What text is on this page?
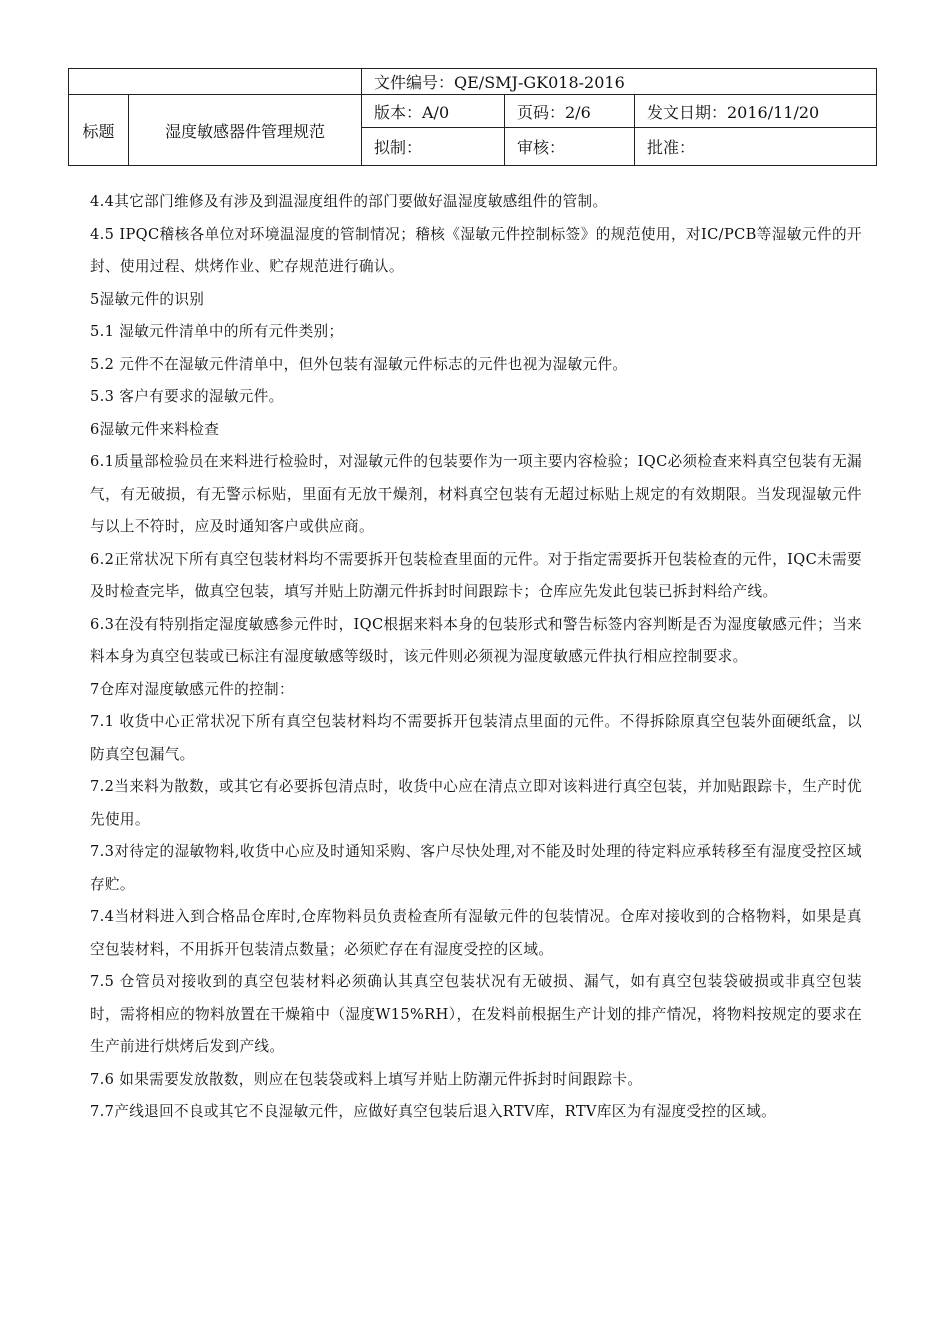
		文件编号：QE/SMJ-GK018-2016		
标题	湿度敏感器件管理规范	版本：A/0	页码：2/6	发文日期：2016/11/20
		拟制：	审核：	批准：

4.4其它部门维修及有涉及到温湿度组件的部门要做好温湿度敏感组件的管制。

4.5 IPQC稽核各单位对环境温湿度的管制情况；稽核《湿敏元件控制标签》的规范使用，对IC/PCB等湿敏元件的开封、使用过程、烘烤作业、贮存规范进行确认。

5湿敏元件的识别

5.1 湿敏元件清单中的所有元件类别；

5.2 元件不在湿敏元件清单中，但外包装有湿敏元件标志的元件也视为湿敏元件。

5.3 客户有要求的湿敏元件。

6湿敏元件来料检查

6.1质量部检验员在来料进行检验时，对湿敏元件的包装要作为一项主要内容检验；IQC必须检查来料真空包装有无漏气，有无破损，有无警示标贴，里面有无放干燥剂，材料真空包装有无超过标贴上规定的有效期限。当发现湿敏元件与以上不符时，应及时通知客户或供应商。

6.2正常状况下所有真空包装材料均不需要拆开包装检查里面的元件。对于指定需要拆开包装检查的元件，IQC未需要及时检查完毕，做真空包装，填写并贴上防潮元件拆封时间跟踪卡；仓库应先发此包装已拆封料给产线。

6.3在没有特别指定湿度敏感参元件时，IQC根据来料本身的包装形式和警告标签内容判断是否为湿度敏感元件；当来料本身为真空包装或已标注有湿度敏感等级时，该元件则必须视为湿度敏感元件执行相应控制要求。

7仓库对湿度敏感元件的控制：

7.1 收货中心正常状况下所有真空包装材料均不需要拆开包装清点里面的元件。不得拆除原真空包装外面硬纸盒，以防真空包漏气。

7.2当来料为散数，或其它有必要拆包清点时，收货中心应在清点立即对该料进行真空包装，并加贴跟踪卡，生产时优先使用。

7.3对待定的湿敏物料,收货中心应及时通知采购、客户尽快处理,对不能及时处理的待定料应承转移至有湿度受控区域存贮。

7.4当材料进入到合格品仓库时,仓库物料员负责检查所有湿敏元件的包装情况。仓库对接收到的合格物料，如果是真空包装材料，不用拆开包装清点数量；必须贮存在有湿度受控的区域。

7.5 仓管员对接收到的真空包装材料必须确认其真空包装状况有无破损、漏气，如有真空包装袋破损或非真空包装时，需将相应的物料放置在干燥箱中（湿度W15%RH），在发料前根据生产计划的排产情况，将物料按规定的要求在生产前进行烘烤后发到产线。

7.6 如果需要发放散数，则应在包装袋或料上填写并贴上防潮元件拆封时间跟踪卡。

7.7产线退回不良或其它不良湿敏元件，应做好真空包装后退入RTV库，RTV库区为有湿度受控的区域。
